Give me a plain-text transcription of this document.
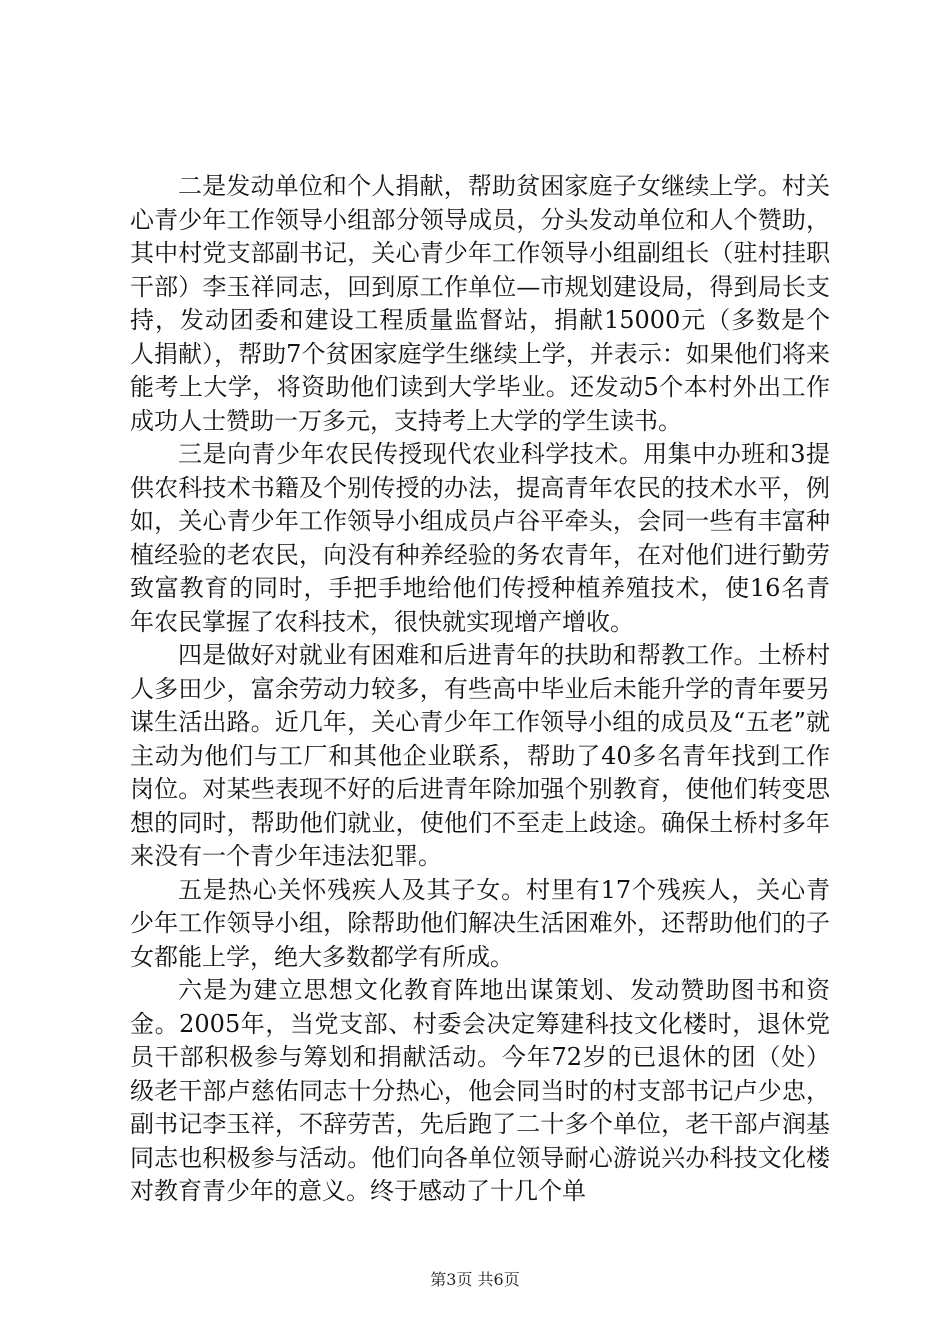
二是发动单位和个人捐献，帮助贫困家庭子女继续上学。村关心青少年工作领导小组部分领导成员，分头发动单位和人个赞助，其中村党支部副书记，关心青少年工作领导小组副组长（驻村挂职干部）李玉祥同志，回到原工作单位—市规划建设局，得到局长支持，发动团委和建设工程质量监督站，捐献15000元（多数是个人捐献），帮助7个贫困家庭学生继续上学，并表示：如果他们将来能考上大学，将资助他们读到大学毕业。还发动5个本村外出工作成功人士赞助一万多元，支持考上大学的学生读书。

三是向青少年农民传授现代农业科学技术。用集中办班和3提供农科技术书籍及个别传授的办法，提高青年农民的技术水平，例如，关心青少年工作领导小组成员卢谷平牵头，会同一些有丰富种植经验的老农民，向没有种养经验的务农青年，在对他们进行勤劳致富教育的同时，手把手地给他们传授种植养殖技术，使16名青年农民掌握了农科技术，很快就实现增产增收。

四是做好对就业有困难和后进青年的扶助和帮教工作。土桥村人多田少，富余劳动力较多，有些高中毕业后未能升学的青年要另谋生活出路。近几年，关心青少年工作领导小组的成员及“五老”就主动为他们与工厂和其他企业联系，帮助了40多名青年找到工作岗位。对某些表现不好的后进青年除加强个别教育，使他们转变思想的同时，帮助他们就业，使他们不至走上歧途。确保土桥村多年来没有一个青少年违法犯罪。

五是热心关怀残疾人及其子女。村里有17个残疾人，关心青少年工作领导小组，除帮助他们解决生活困难外，还帮助他们的子女都能上学，绝大多数都学有所成。

六是为建立思想文化教育阵地出谋策划、发动赞助图书和资金。2005年，当党支部、村委会决定筹建科技文化楼时，退休党员干部积极参与筹划和捐献活动。今年72岁的已退休的团（处）级老干部卢慈佑同志十分热心，他会同当时的村支部书记卢少忠，副书记李玉祥，不辞劳苦，先后跑了二十多个单位，老干部卢润基同志也积极参与活动。他们向各单位领导耐心游说兴办科技文化楼对教育青少年的意义。终于感动了十几个单

第3页 共6页
